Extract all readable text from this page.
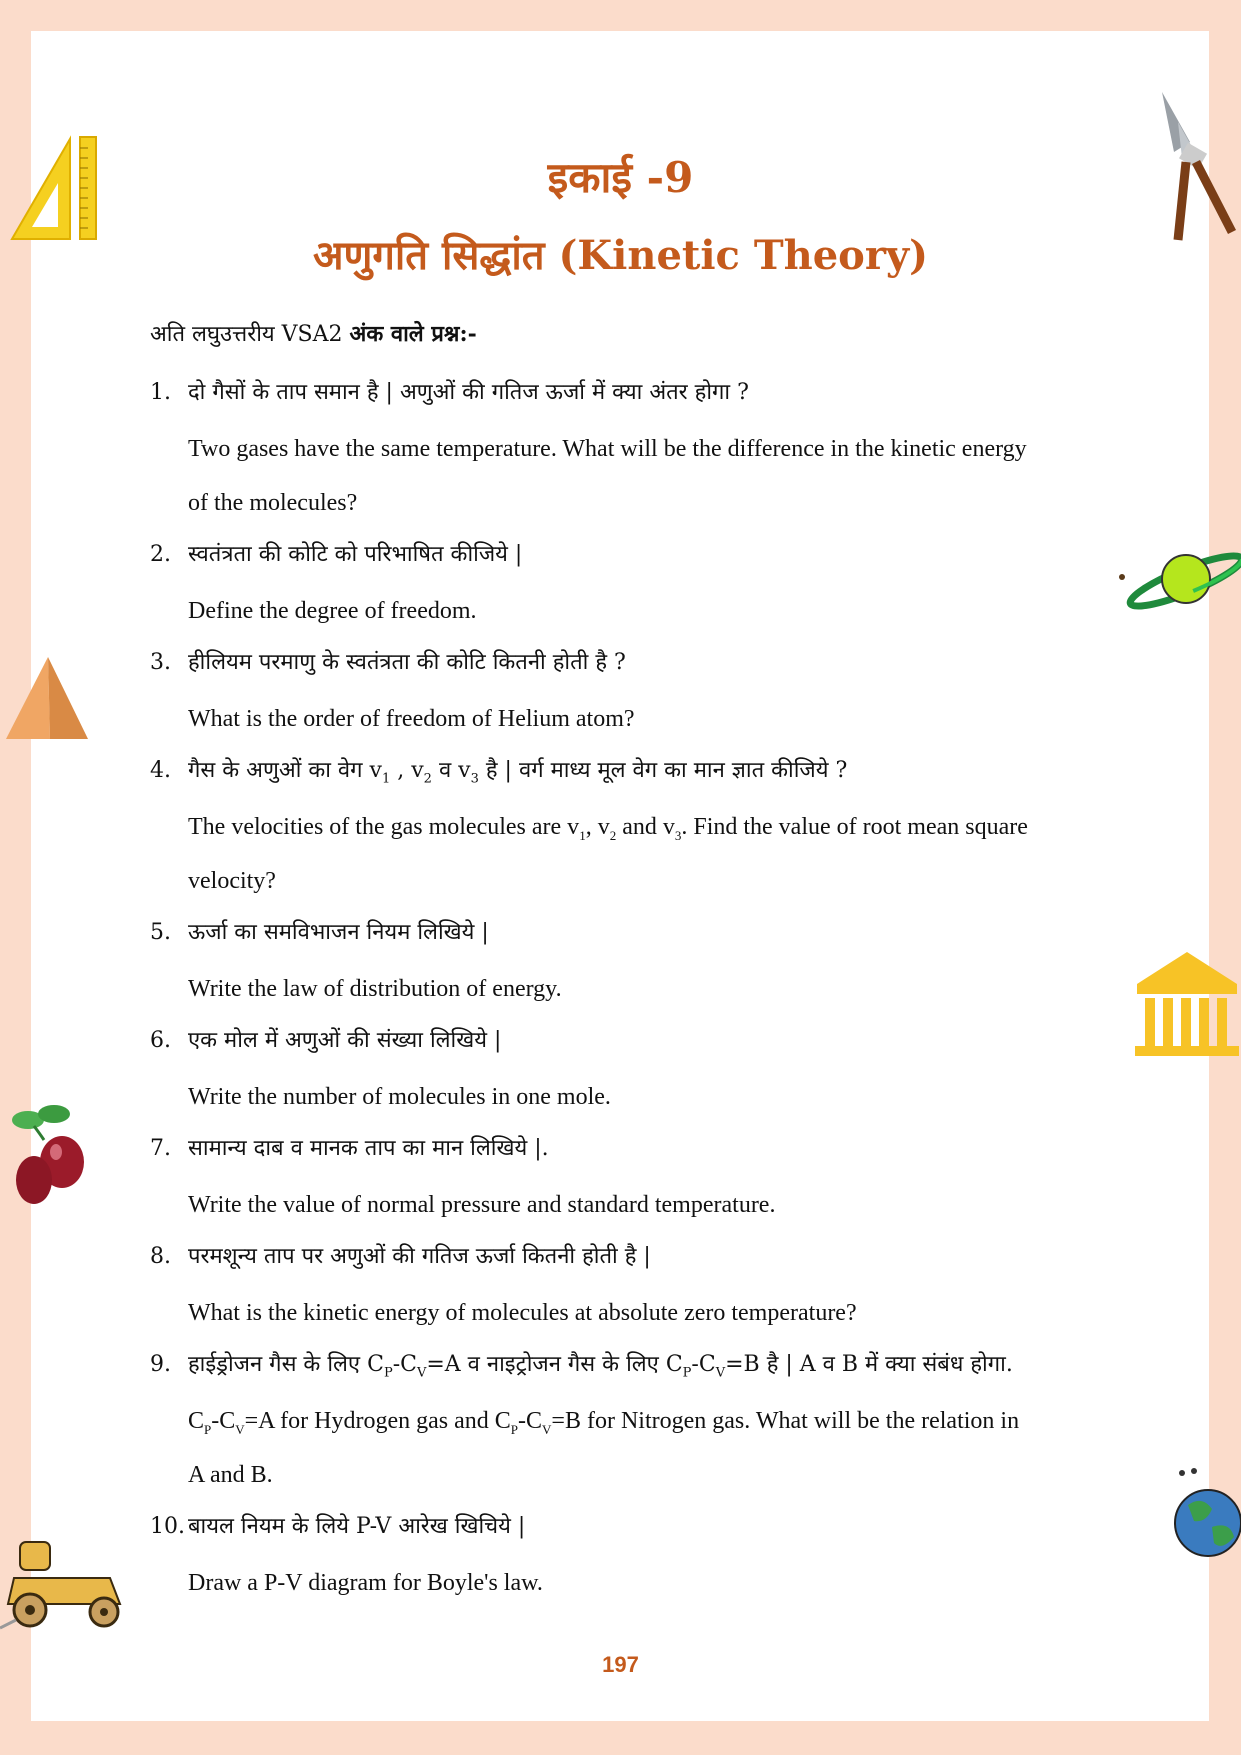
इकाई -9
अणुगति सिद्धांत (Kinetic Theory)
अति लघुउत्तरीय VSA2 अंक वाले प्रश्न:-
1. दो गैसों के ताप समान है | अणुओं की गतिज ऊर्जा में क्या अंतर होगा ?
Two gases have the same temperature. What will be the difference in the kinetic energy
of the molecules?
2. स्वतंत्रता की कोटि को परिभाषित कीजिये |
Define the degree of freedom.
3. हीलियम परमाणु के स्वतंत्रता की कोटि कितनी होती है ?
What is the order of freedom of Helium atom?
4. गैस के अणुओं का वेग $v_1$ , $v_2$ व $v_3$ है | वर्ग माध्य मूल वेग का मान ज्ञात कीजिये ?
The velocities of the gas molecules are $v_1$, $v_2$ and $v_3$. Find the value of root mean square
velocity?
5. ऊर्जा का समविभाजन नियम लिखिये |
Write the law of distribution of energy.
6. एक मोल में अणुओं की संख्या लिखिये |
Write the number of molecules in one mole.
7. सामान्य दाब व मानक ताप का मान लिखिये |.
Write the value of normal pressure and standard temperature.
8. परमशून्य ताप पर अणुओं की गतिज ऊर्जा कितनी होती है |
What is the kinetic energy of molecules at absolute zero temperature?
9. हाईड्रोजन गैस के लिए $C_P-C_V=A$ व नाइट्रोजन गैस के लिए $C_P-C_V=B$ है | A व B में क्या संबंध होगा.
$C_P-C_V=A$ for Hydrogen gas and $C_P-C_V=B$ for Nitrogen gas. What will be the relation in
A and B.
10. बायल नियम के लिये P-V आरेख खिचिये |
Draw a P-V diagram for Boyle's law.
197
